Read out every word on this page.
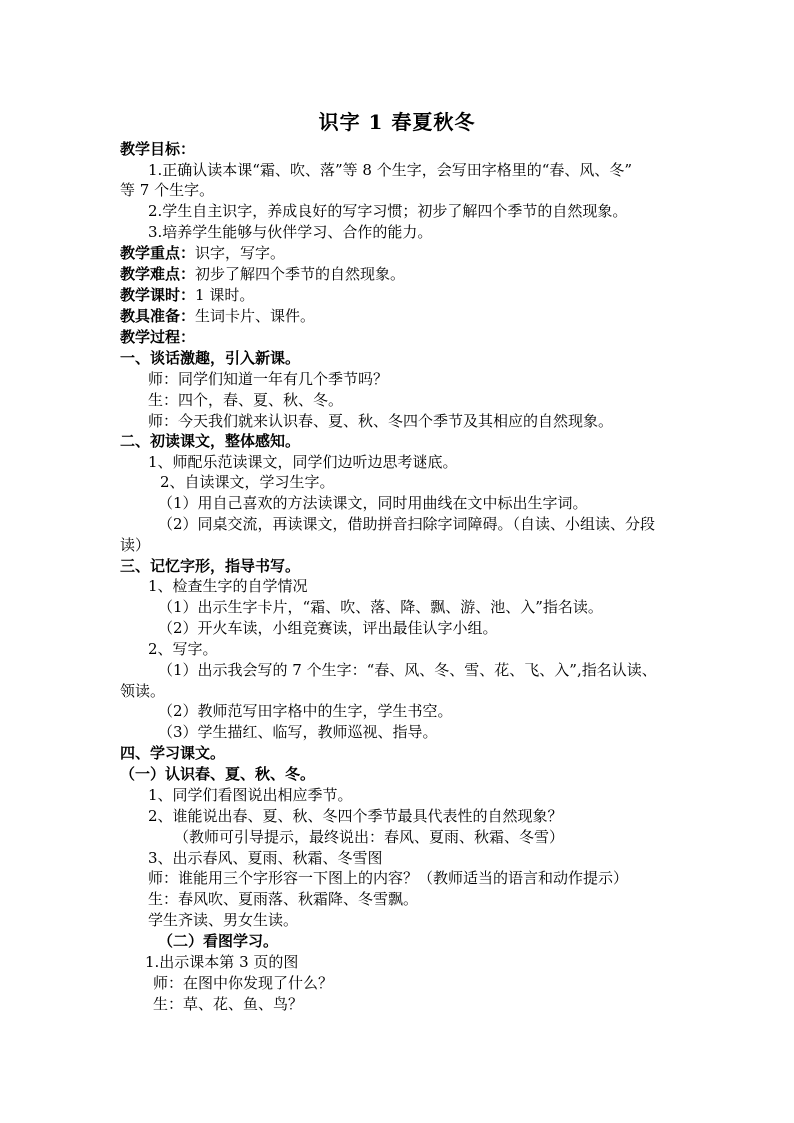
识字 1 春夏秋冬
教学目标：
1.正确认读本课“霜、吹、落”等 8 个生字，会写田字格里的“春、风、冬”
等 7 个生字。
2.学生自主识字，养成良好的写字习惯；初步了解四个季节的自然现象。
3.培养学生能够与伙伴学习、合作的能力。
教学重点：识字，写字。
教学难点：初步了解四个季节的自然现象。
教学课时：1 课时。
教具准备：生词卡片、课件。
教学过程：
一、谈话激趣，引入新课。
师：同学们知道一年有几个季节吗？
生：四个，春、夏、秋、冬。
师：今天我们就来认识春、夏、秋、冬四个季节及其相应的自然现象。
二、初读课文，整体感知。
1、师配乐范读课文，同学们边听边思考谜底。
2、自读课文，学习生字。
（1）用自己喜欢的方法读课文，同时用曲线在文中标出生字词。
（2）同桌交流，再读课文，借助拼音扫除字词障碍。（自读、小组读、分段
读）
三、记忆字形，指导书写。
1、检查生字的自学情况
（1）出示生字卡片，“霜、吹、落、降、飘、游、池、入”指名读。
（2）开火车读，小组竞赛读，评出最佳认字小组。
2、写字。
（1）出示我会写的 7 个生字：“春、风、冬、雪、花、飞、入”,指名认读、
领读。
（2）教师范写田字格中的生字，学生书空。
（3）学生描红、临写，教师巡视、指导。
四、学习课文。
（一）认识春、夏、秋、冬。
1、同学们看图说出相应季节。
2、谁能说出春、夏、秋、冬四个季节最具代表性的自然现象？
（教师可引导提示，最终说出：春风、夏雨、秋霜、冬雪）
3、出示春风、夏雨、秋霜、冬雪图
师：谁能用三个字形容一下图上的内容？（教师适当的语言和动作提示）
生：春风吹、夏雨落、秋霜降、冬雪飘。
学生齐读、男女生读。
（二）看图学习。
1.出示课本第 3 页的图
师：在图中你发现了什么？
生：草、花、鱼、鸟？
